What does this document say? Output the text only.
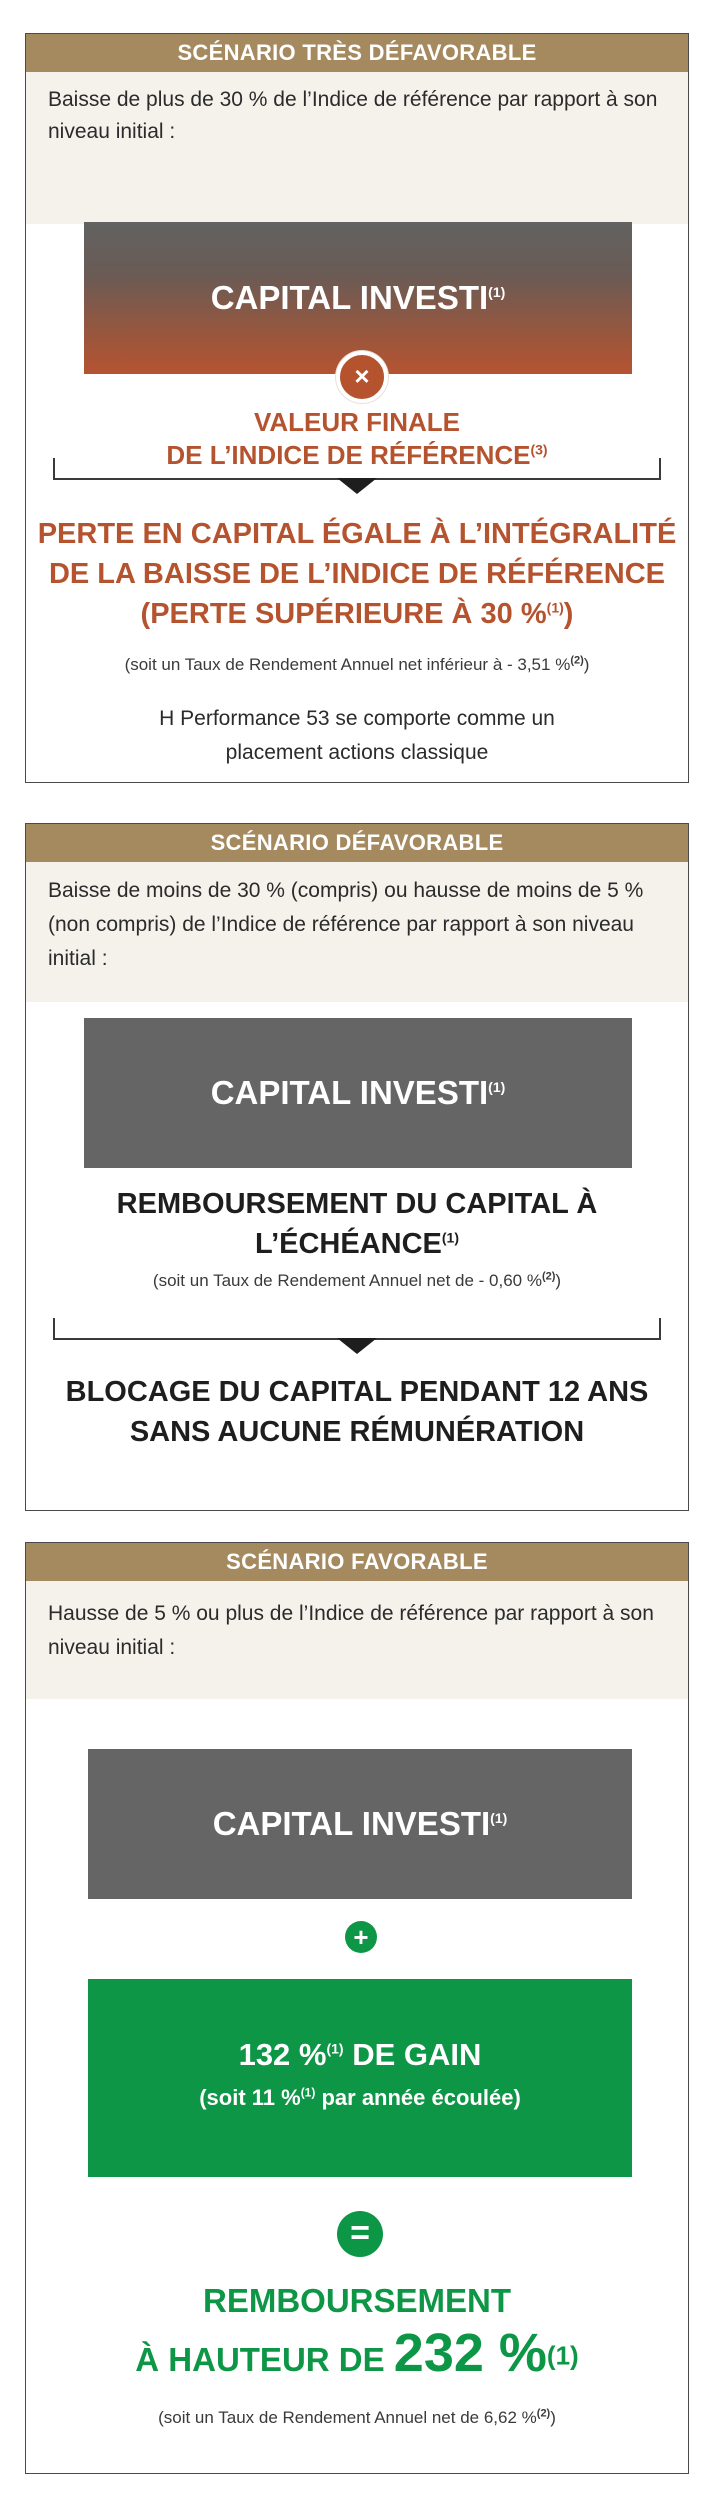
SCÉNARIO TRÈS DÉFAVORABLE
Baisse de plus de 30 % de l’Indice de référence par rapport à son niveau initial :
CAPITAL $INVESTI^{(1)}$
×
VALEUR FINALE
DE L’INDICE DE RÉFÉRENCE$^{(3)}$
PERTE EN CAPITAL ÉGALE À L’INTÉGRALITÉ
DE LA BAISSE DE L’INDICE DE RÉFÉRENCE
(PERTE SUPÉRIEURE À 30 %$^{(1)}$)
(soit un Taux de Rendement Annuel net inférieur à - 3,51 %$^{(2)}$)
H Performance 53 se comporte comme un
placement actions classique
SCÉNARIO DÉFAVORABLE
Baisse de moins de 30 % (compris) ou hausse de moins de 5 % (non compris) de l’Indice de référence par rapport à son niveau initial :
CAPITAL INVESTI$^{(1)}$
REMBOURSEMENT DU CAPITAL À
L’ÉCHÉANCE$^{(1)}$
(soit un Taux de Rendement Annuel net de - 0,60 %$^{(2)}$)
BLOCAGE DU CAPITAL PENDANT 12 ANS
SANS AUCUNE RÉMUNÉRATION
SCÉNARIO FAVORABLE
Hausse de 5 % ou plus de l’Indice de référence par rapport à son niveau initial :
CAPITAL $INVESTI^{(1)}$
+
132 %$^{(1)}$ DE GAIN
(soit 11 %$^{(1)}$ par année écoulée)
=
REMBOURSEMENT
À HAUTEUR DE 232 %$^{(1)}$
(soit un Taux de Rendement Annuel net de 6,62 %$^{(2)}$)
